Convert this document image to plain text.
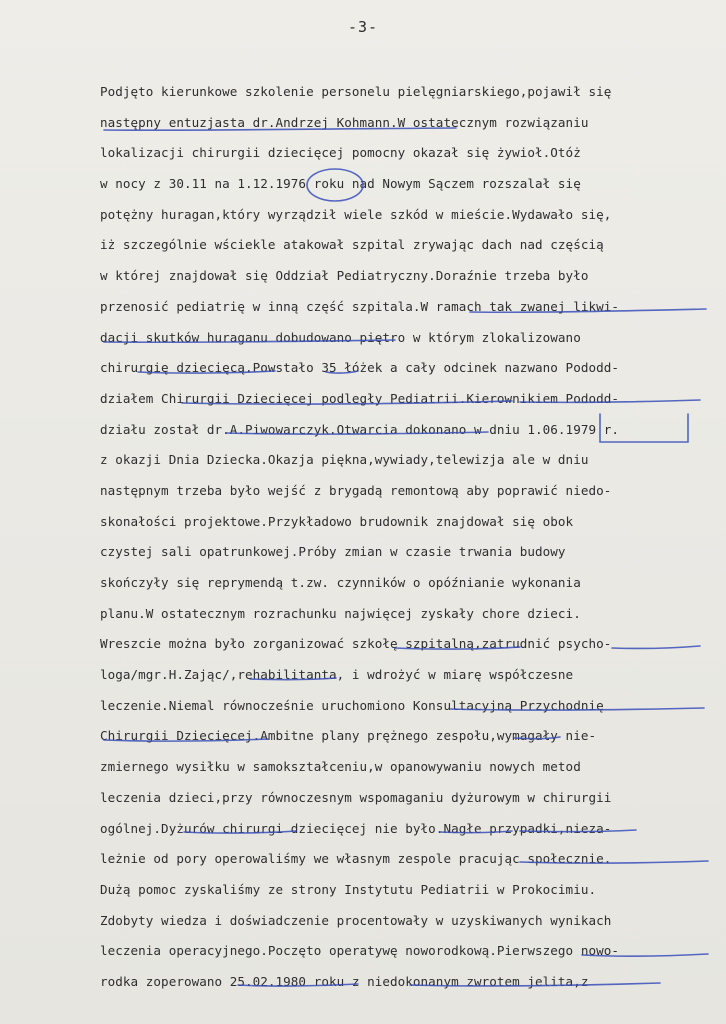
-3-
Podjęto kierunkowe szkolenie personelu pielęgniarskiego,pojawił się
następny entuzjasta dr.Andrzej Kohmann.W ostatecznym rozwiązaniu
lokalizacji chirurgii dziecięcej pomocny okazał się żywioł.Otóż
w nocy z 30.11 na 1.12.1976 roku nad Nowym Sączem rozszalał się
potężny huragan,który wyrządził wiele szkód w mieście.Wydawało się,
iż szczególnie wściekle atakował szpital zrywając dach nad częścią
w której znajdował się Oddział Pediatryczny.Doraźnie trzeba było
przenosić pediatrię w inną część szpitala.W ramach tak zwanej likwi-
dacji skutków huraganu dobudowano piętro w którym zlokalizowano
chirurgię dziecięcą.Powstało 35 łóżek a cały odcinek nazwano Pododd-
działem Chirurgii Dziecięcej podległy Pediatrii.Kierownikiem Pododd-
działu został dr.A.Piwowarczyk.Otwarcia dokonano w dniu 1.06.1979 r.
z okazji Dnia Dziecka.Okazja piękna,wywiady,telewizja ale w dniu
następnym trzeba było wejść z brygadą remontową aby poprawić niedo-
skonałości projektowe.Przykładowo brudownik znajdował się obok
czystej sali opatrunkowej.Próby zmian w czasie trwania budowy
skończyły się reprymendą t.zw. czynników o opóźnianie wykonania
planu.W ostatecznym rozrachunku najwięcej zyskały chore dzieci.
Wreszcie można było zorganizować szkołę szpitalną,zatrudnić psycho-
loga/mgr.H.Zając/,rehabilitanta, i wdrożyć w miarę współczesne
leczenie.Niemal równocześnie uruchomiono Konsultacyjną Przychodnię
Chirurgii Dziecięcej.Ambitne plany prężnego zespołu,wymagały nie-
zmiernego wysiłku w samokształceniu,w opanowywaniu nowych metod
leczenia dzieci,przy równoczesnym wspomaganiu dyżurowym w chirurgii
ogólnej.Dyżurów chirurgi dziecięcej nie było.Nagłe przypadki,nieza-
leżnie od pory operowaliśmy we własnym zespole pracując społecznie.
Dużą pomoc zyskaliśmy ze strony Instytutu Pediatrii w Prokocimiu.
Zdobyty wiedza i doświadczenie procentowały w uzyskiwanych wynikach
leczenia operacyjnego.Poczęto operatywę noworodkową.Pierwszego nowo-
rodka zoperowano 25.02.1980 roku z niedokonanym zwrotem jelita,z
